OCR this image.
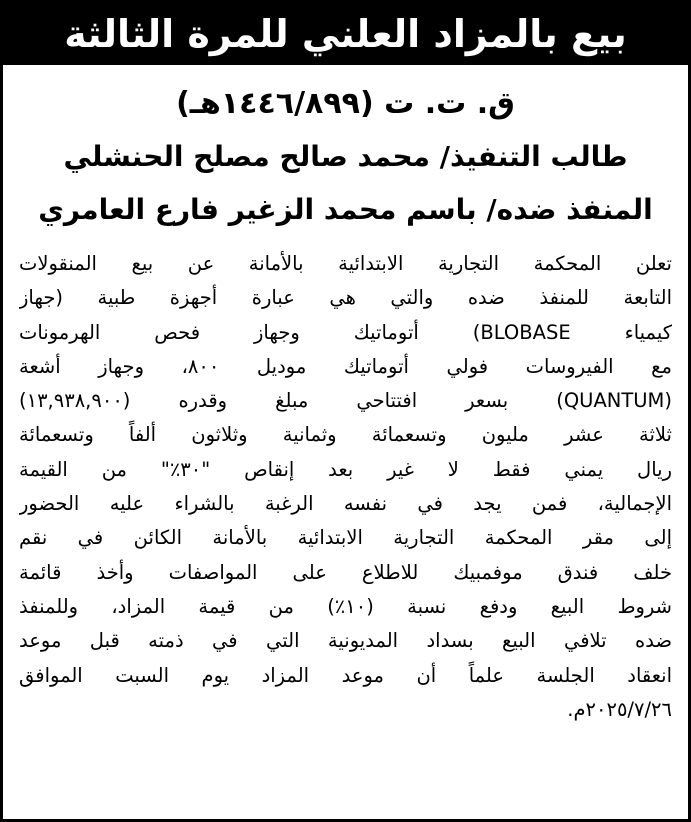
بيع بالمزاد العلني للمرة الثالثة
ق. ت. ت (١٤٤٦/٨٩٩هـ)
طالب التنفيذ/ محمد صالح مصلح الحنشلي
المنفذ ضده/ باسم محمد الزغير فارع العامري
تعلن المحكمة التجارية الابتدائية بالأمانة عن بيع المنقولات
التابعة للمنفذ ضده والتي هي عبارة أجهزة طبية (جهاز
كيمياء BLOBASE) أتوماتيك وجهاز فحص الهرمونات
مع الفيروسات فولي أتوماتيك موديل ٨٠٠، وجهاز أشعة
(QUANTUM) بسعر افتتاحي مبلغ وقدره (١٣,٩٣٨,٩٠٠)
ثلاثة عشر مليون وتسعمائة وثمانية وثلاثون ألفاً وتسعمائة
ريال يمني فقط لا غير بعد إنقاص "٣٠٪" من القيمة
الإجمالية، فمن يجد في نفسه الرغبة بالشراء عليه الحضور
إلى مقر المحكمة التجارية الابتدائية بالأمانة الكائن في نقم
خلف فندق موفمبيك للاطلاع على المواصفات وأخذ قائمة
شروط البيع ودفع نسبة (١٠٪) من قيمة المزاد، وللمنفذ
ضده تلافي البيع بسداد المديونية التي في ذمته قبل موعد
انعقاد الجلسة علماً أن موعد المزاد يوم السبت الموافق
٢٠٢٥/٧/٢٦م.
